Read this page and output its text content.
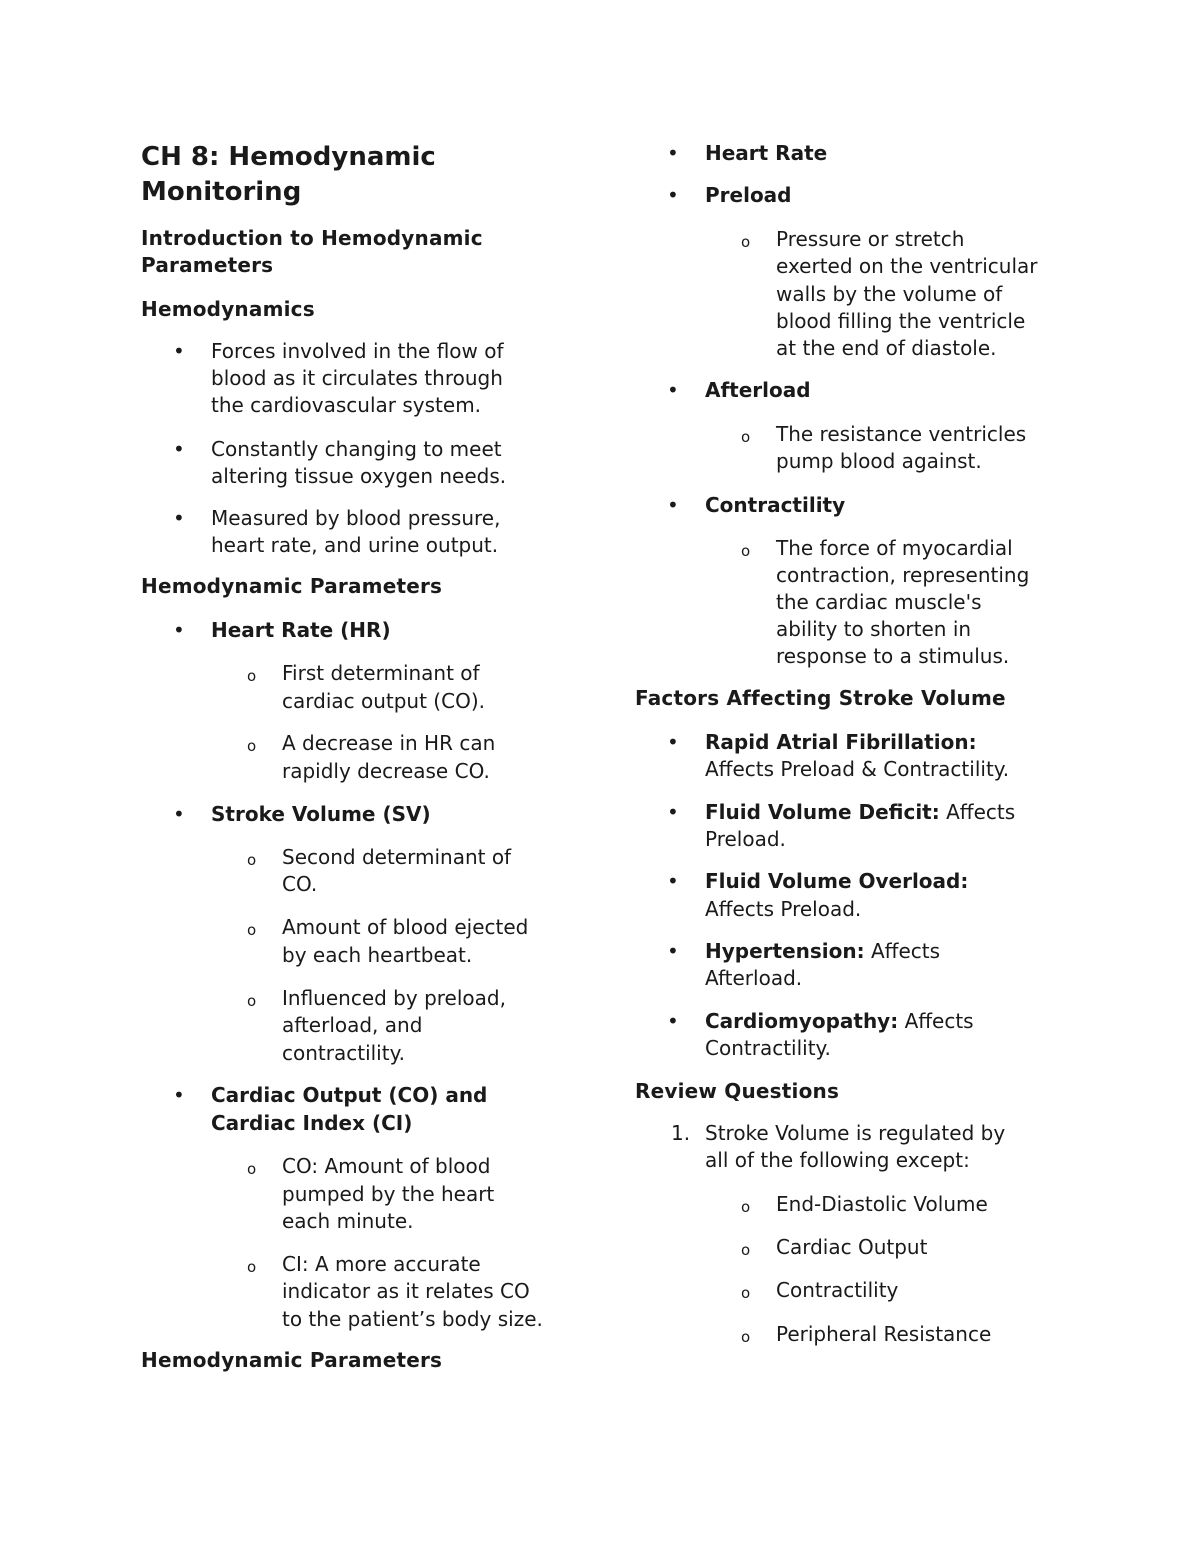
CH 8: Hemodynamic
Monitoring
Introduction to Hemodynamic
Parameters
Hemodynamics
• Forces involved in the flow of
blood as it circulates through
the cardiovascular system.
• Constantly changing to meet
altering tissue oxygen needs.
• Measured by blood pressure,
heart rate, and urine output.
Hemodynamic Parameters
• Heart Rate (HR)
o First determinant of
cardiac output (CO).
o A decrease in HR can
rapidly decrease CO.
• Stroke Volume (SV)
o Second determinant of
CO.
o Amount of blood ejected
by each heartbeat.
o Influenced by preload,
afterload, and
contractility.
• Cardiac Output (CO) and
Cardiac Index (CI)
o CO: Amount of blood
pumped by the heart
each minute.
o CI: A more accurate
indicator as it relates CO
to the patient’s body size.
Hemodynamic Parameters
• Heart Rate
• Preload
o Pressure or stretch
exerted on the ventricular
walls by the volume of
blood filling the ventricle
at the end of diastole.
• Afterload
o The resistance ventricles
pump blood against.
• Contractility
o The force of myocardial
contraction, representing
the cardiac muscle's
ability to shorten in
response to a stimulus.
Factors Affecting Stroke Volume
• Rapid Atrial Fibrillation:
Affects Preload & Contractility.
• Fluid Volume Deficit: Affects
Preload.
• Fluid Volume Overload:
Affects Preload.
• Hypertension: Affects
Afterload.
• Cardiomyopathy: Affects
Contractility.
Review Questions
1. Stroke Volume is regulated by
all of the following except:
o End-Diastolic Volume
o Cardiac Output
o Contractility
o Peripheral Resistance
